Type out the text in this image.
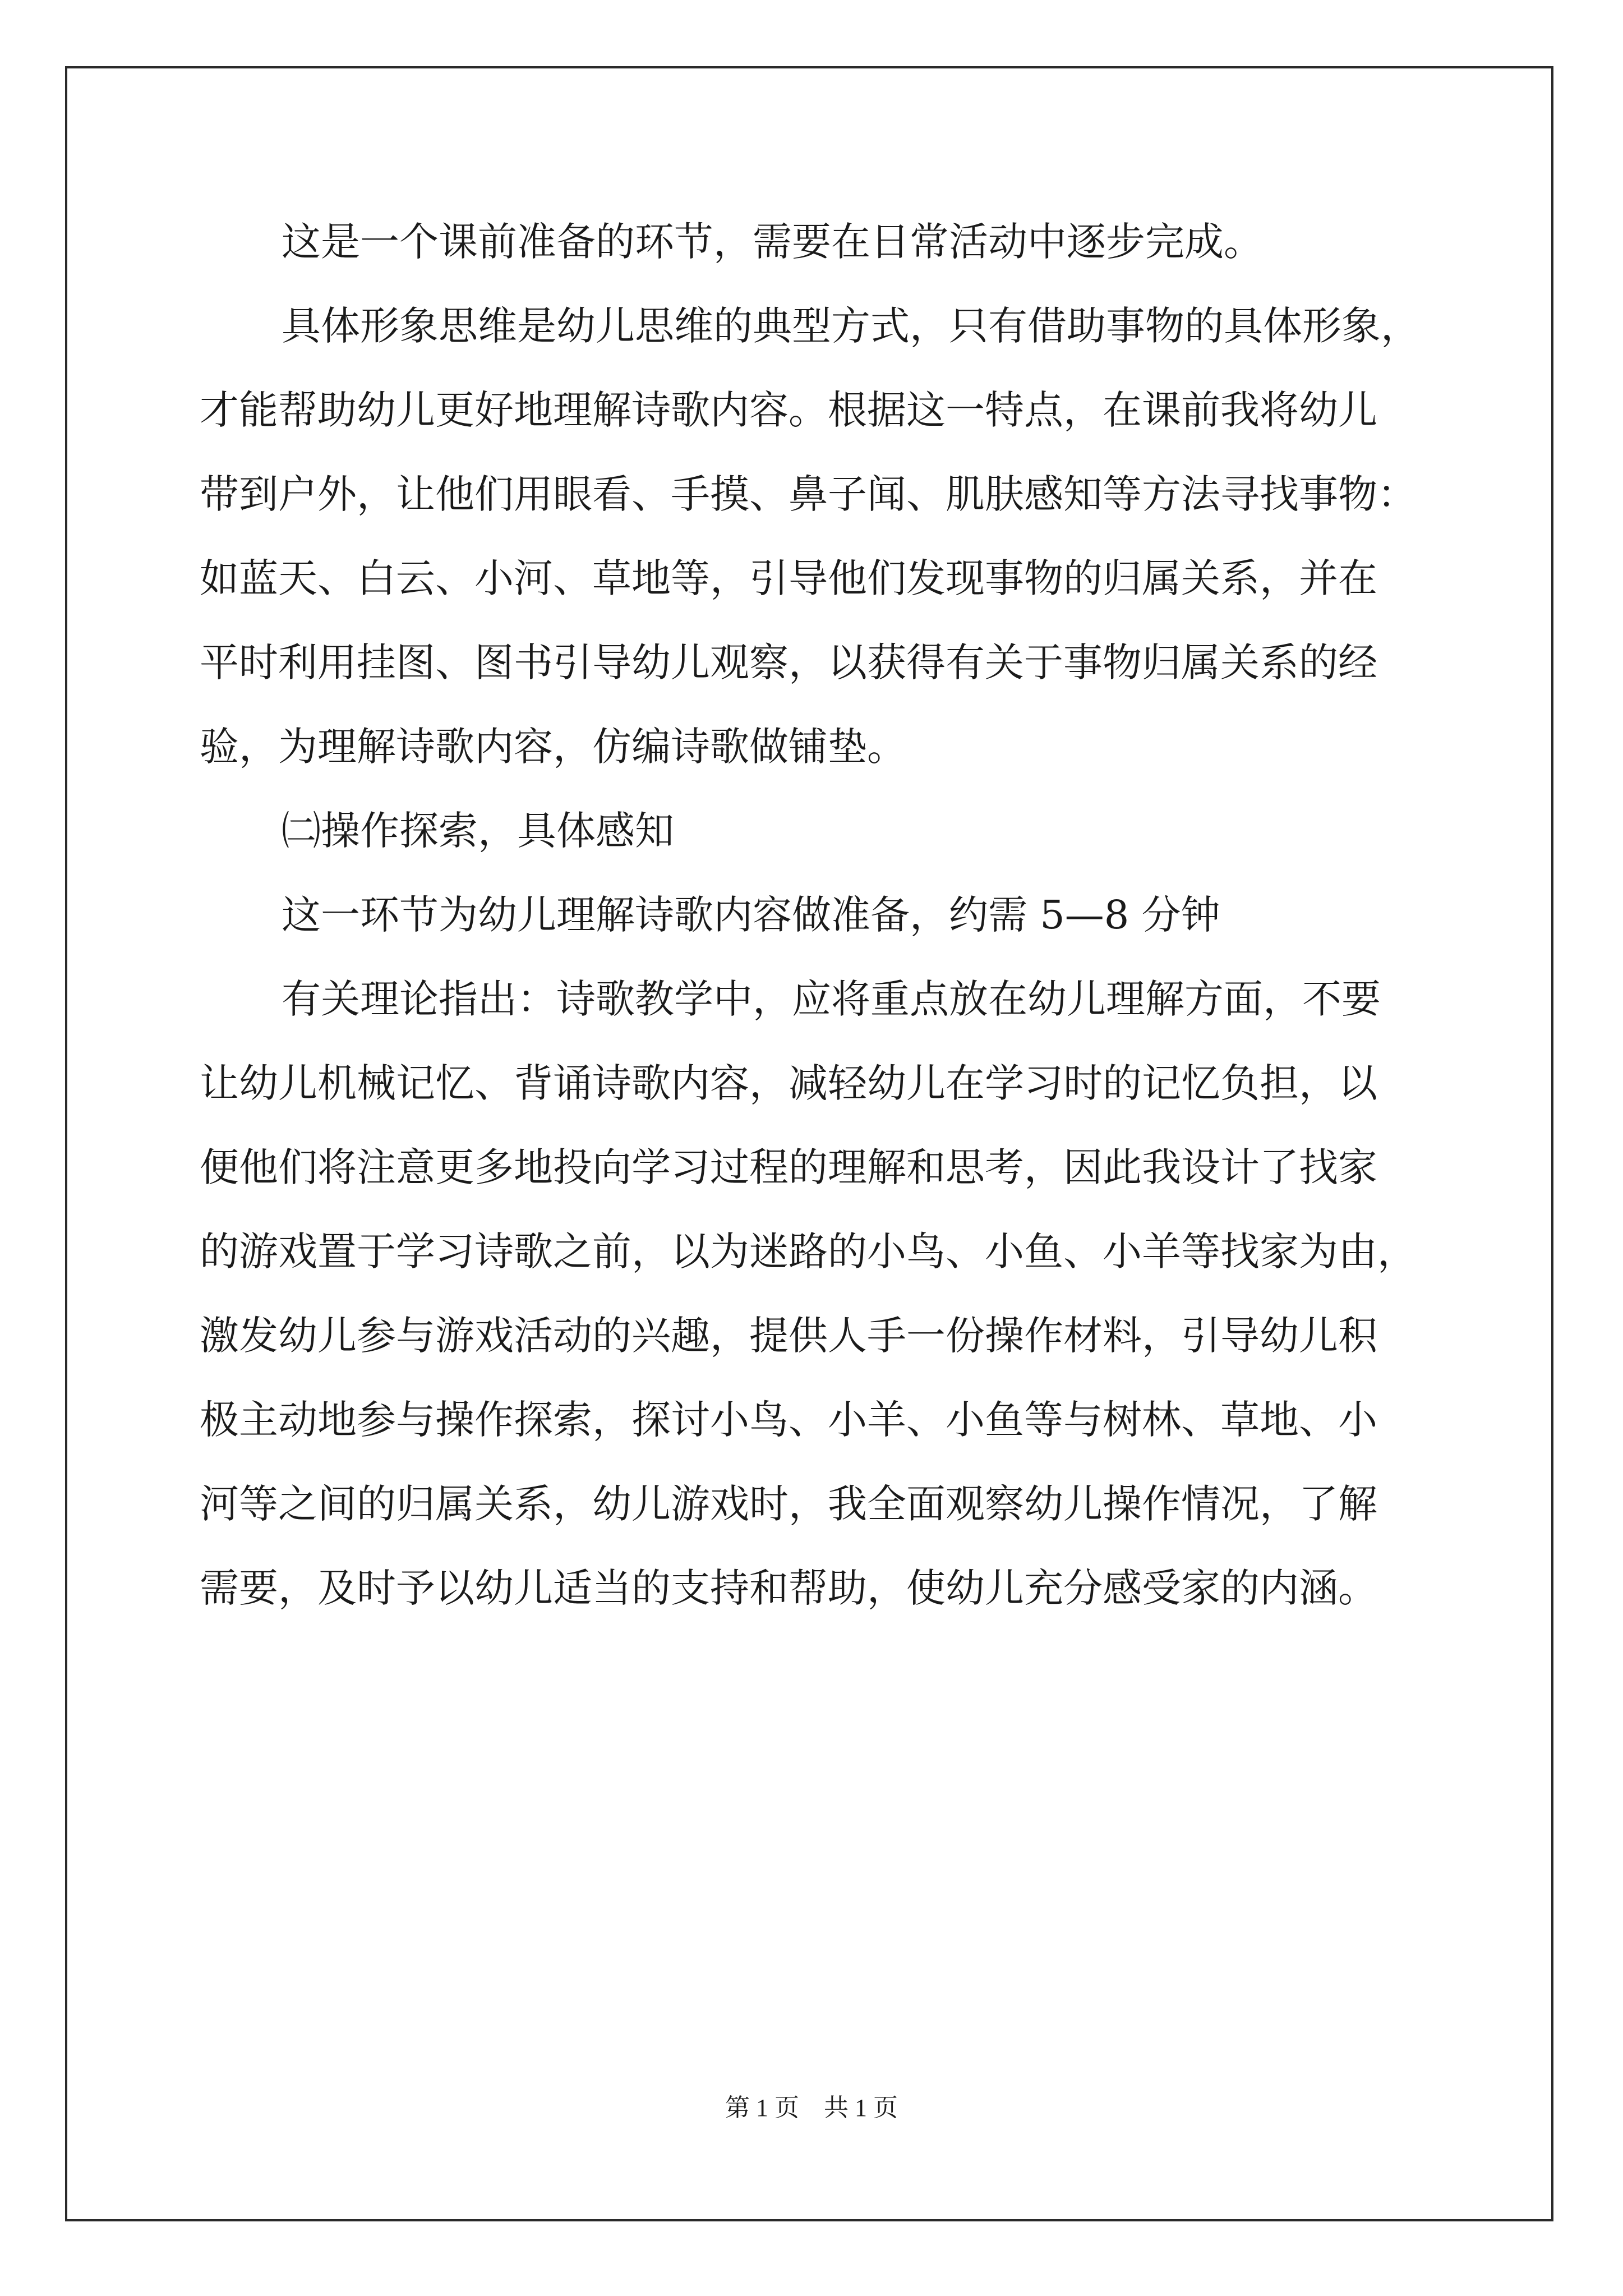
这是一个课前准备的环节，需要在日常活动中逐步完成。
具体形象思维是幼儿思维的典型方式，只有借助事物的具体形象，
才能帮助幼儿更好地理解诗歌内容。根据这一特点，在课前我将幼儿
带到户外，让他们用眼看、手摸、鼻子闻、肌肤感知等方法寻找事物：
如蓝天、白云、小河、草地等，引导他们发现事物的归属关系，并在
平时利用挂图、图书引导幼儿观察，以获得有关于事物归属关系的经
验，为理解诗歌内容，仿编诗歌做铺垫。
㈡操作探索，具体感知
这一环节为幼儿理解诗歌内容做准备，约需 5—8 分钟
有关理论指出：诗歌教学中，应将重点放在幼儿理解方面，不要
让幼儿机械记忆、背诵诗歌内容，减轻幼儿在学习时的记忆负担，以
便他们将注意更多地投向学习过程的理解和思考，因此我设计了找家
的游戏置于学习诗歌之前，以为迷路的小鸟、小鱼、小羊等找家为由，
激发幼儿参与游戏活动的兴趣，提供人手一份操作材料，引导幼儿积
极主动地参与操作探索，探讨小鸟、小羊、小鱼等与树林、草地、小
河等之间的归属关系，幼儿游戏时，我全面观察幼儿操作情况，了解
需要，及时予以幼儿适当的支持和帮助，使幼儿充分感受家的内涵。
第 1 页 共 1 页
